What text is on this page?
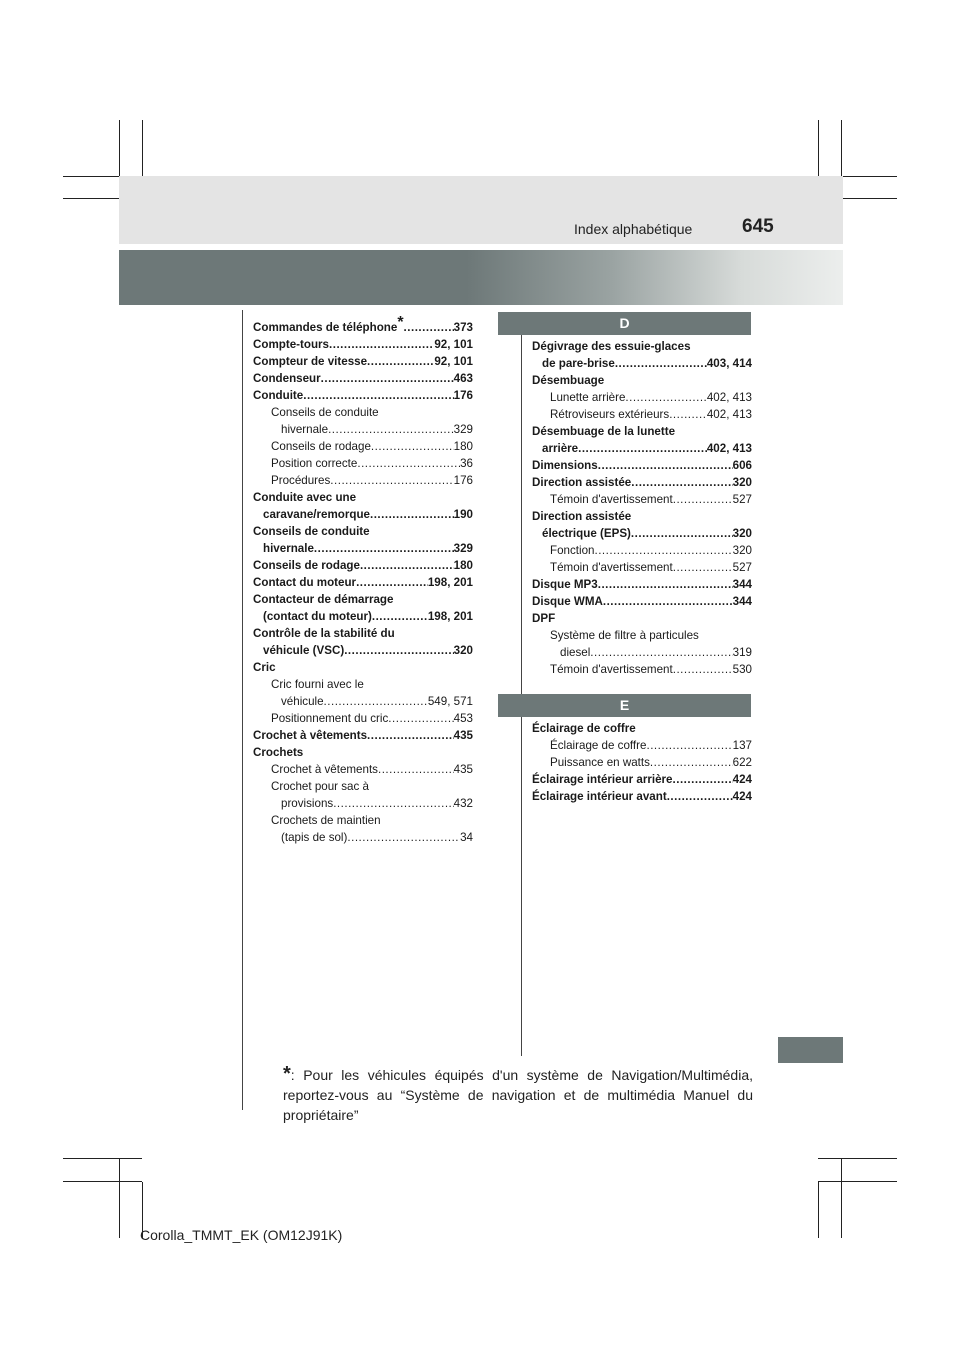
Index alphabétique	645
Commandes de téléphone * .....	373
Compte-tours .....	92, 101
Compteur de vitesse .....	92, 101
Condenseur .....	463
Conduite .....	176
Conseils de conduite
hivernale .....	329
Conseils de rodage .....	180
Position correcte .....	36
Procédures .....	176
Conduite avec une
caravane/remorque .....	190
Conseils de conduite
hivernale .....	329
Conseils de rodage .....	180
Contact du moteur .....	198, 201
Contacteur de démarrage
(contact du moteur) .....	198, 201
Contrôle de la stabilité du
véhicule (VSC) .....	320
Cric
Cric fourni avec le
véhicule .....	549, 571
Positionnement du cric .....	453
Crochet à vêtements .....	435
Crochets
Crochet à vêtements .....	435
Crochet pour sac à
provisions .....	432
Crochets de maintien
(tapis de sol) .....	34
D
Dégivrage des essuie-glaces
de pare-brise .....	403, 414
Désembuage
Lunette arrière .....	402, 413
Rétroviseurs extérieurs .....	402, 413
Désembuage de la lunette
arrière .....	402, 413
Dimensions .....	606
Direction assistée .....	320
Témoin d'avertissement .....	527
Direction assistée
électrique (EPS) .....	320
Fonction .....	320
Témoin d'avertissement .....	527
Disque MP3 .....	344
Disque WMA .....	344
DPF
Système de filtre à particules
diesel .....	319
Témoin d'avertissement .....	530
E
Éclairage de coffre
Éclairage de coffre .....	137
Puissance en watts .....	622
Éclairage intérieur arrière .....	424
Éclairage intérieur avant .....	424
*: Pour les véhicules équipés d'un système de Navigation/Multimédia, reportez-vous au “Système de navigation et de multimédia Manuel du propriétaire”
Corolla_TMMT_EK (OM12J91K)
